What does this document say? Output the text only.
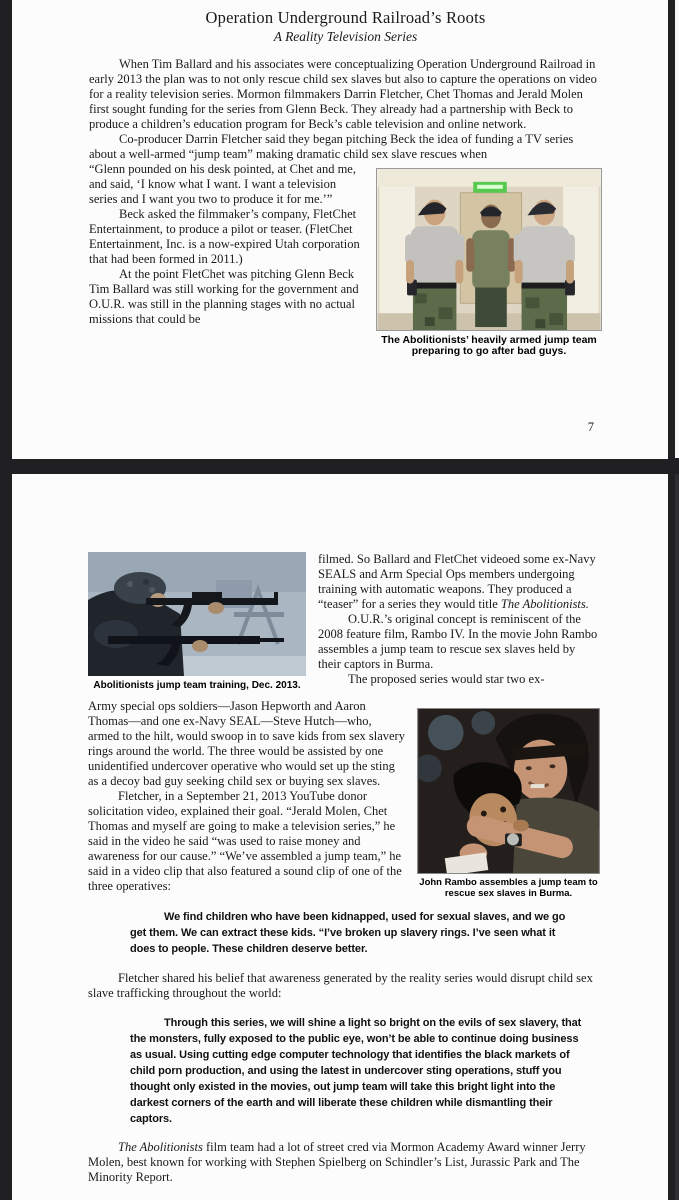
Operation Underground Railroad’s Roots
A Reality Television Series

When Tim Ballard and his associates were conceptualizing Operation Underground Railroad in early 2013 the plan was to not only rescue child sex slaves but also to capture the operations on video for a reality television series. Mormon filmmakers Darrin Fletcher, Chet Thomas and Jerald Molen first sought funding for the series from Glenn Beck. They already had a partnership with Beck to produce a children’s education program for Beck’s cable television and online network.

Co-producer Darrin Fletcher said they began pitching Beck the idea of funding a TV series about a well-armed “jump team” making dramatic child sex slave rescues when

The Abolitionists’ heavily armed jump team preparing to go after bad guys.

“Glenn pounded on his desk pointed, at Chet and me, and said, ‘I know what I want. I want a television series and I want you two to produce it for me.’”

Beck asked the filmmaker’s company, FletChet Entertainment, to produce a pilot or teaser. (FletChet Entertainment, Inc. is a now-expired Utah corporation that had been formed in 2011.)

At the point FletChet was pitching Glenn Beck Tim Ballard was still working for the government and O.U.R. was still in the planning stages with no actual missions that could be

7
Abolitionists jump team training, Dec. 2013.

filmed. So Ballard and FletChet videoed some ex-Navy SEALS and Arm Special Ops members undergoing training with automatic weapons. They produced a “teaser” for a series they would title The Abolitionists.

O.U.R.’s original concept is reminiscent of the 2008 feature film, Rambo IV. In the movie John Rambo assembles a jump team to rescue sex slaves held by their captors in Burma.

The proposed series would star two ex-

John Rambo assembles a jump team to rescue sex slaves in Burma.

Army special ops soldiers—Jason Hepworth and Aaron Thomas—and one ex-Navy SEAL—Steve Hutch—who, armed to the hilt, would swoop in to save kids from sex slavery rings around the world. The three would be assisted by one unidentified undercover operative who would set up the sting as a decoy bad guy seeking child sex or buying sex slaves.

Fletcher, in a September 21, 2013 YouTube donor solicitation video, explained their goal. “Jerald Molen, Chet Thomas and myself are going to make a television series,” he said in the video he said “was used to raise money and awareness for our cause.” “We’ve assembled a jump team,” he said in a video clip that also featured a sound clip of one of the three operatives:

We find children who have been kidnapped, used for sexual slaves, and we go get them. We can extract these kids. “I’ve broken up slavery rings. I’ve seen what it does to people. These children deserve better.

Fletcher shared his belief that awareness generated by the reality series would disrupt child sex slave trafficking throughout the world:

Through this series, we will shine a light so bright on the evils of sex slavery, that the monsters, fully exposed to the public eye, won’t be able to continue doing business as usual. Using cutting edge computer technology that identifies the black markets of child porn production, and using the latest in undercover sting operations, stuff you thought only existed in the movies, out jump team will take this bright light into the darkest corners of the earth and will liberate these children while dismantling their captors.

The Abolitionists film team had a lot of street cred via Mormon Academy Award winner Jerry Molen, best known for working with Stephen Spielberg on Schindler’s List, Jurassic Park and The Minority Report.
